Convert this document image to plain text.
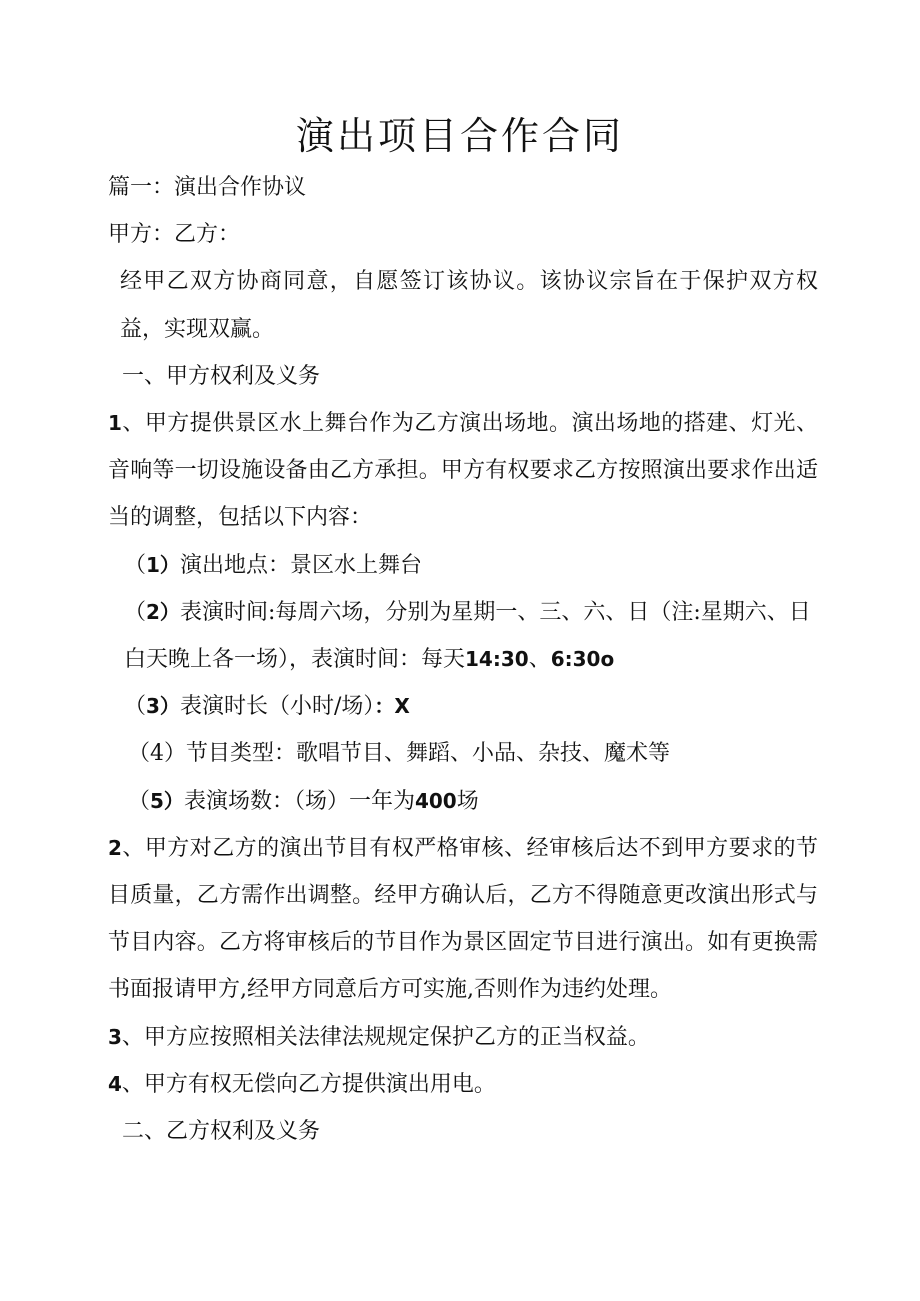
演出项目合作合同

篇一：演出合作协议

甲方：乙方：

经甲乙双方协商同意，自愿签订该协议。该协议宗旨在于保护双方权益，实现双赢。

一、甲方权利及义务

1、甲方提供景区水上舞台作为乙方演出场地。演出场地的搭建、灯光、音响等一切设施设备由乙方承担。甲方有权要求乙方按照演出要求作出适当的调整，包括以下内容：

（1）演出地点：景区水上舞台

（2）表演时间:每周六场，分别为星期一、三、六、日（注:星期六、日白天晚上各一场），表演时间：每天14:30、6:30o

（3）表演时长（小时/场）：X

（4）节目类型：歌唱节目、舞蹈、小品、杂技、魔术等

（5）表演场数：（场）一年为400场

2、甲方对乙方的演出节目有权严格审核、经审核后达不到甲方要求的节目质量，乙方需作出调整。经甲方确认后，乙方不得随意更改演出形式与节目内容。乙方将审核后的节目作为景区固定节目进行演出。如有更换需书面报请甲方,经甲方同意后方可实施,否则作为违约处理。

3、甲方应按照相关法律法规规定保护乙方的正当权益。

4、甲方有权无偿向乙方提供演出用电。

二、乙方权利及义务
